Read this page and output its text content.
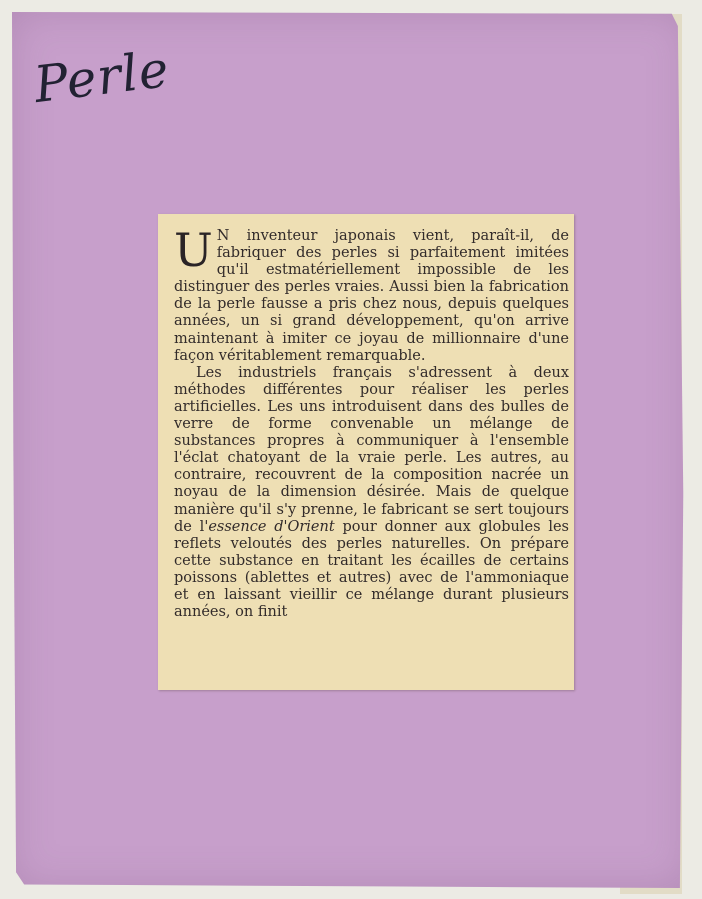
Perle

U N inventeur japonais vient, paraît-il, de fabriquer des perles si parfaitement imitées qu'il estmatériellement impossible de les distinguer des perles vraies. Aussi bien la fabrication de la perle fausse a pris chez nous, depuis quelques années, un si grand développement, qu'on arrive maintenant à imiter ce joyau de millionnaire d'une façon véritablement remarquable.

Les industriels français s'adressent à deux méthodes différentes pour réaliser les perles artificielles. Les uns introduisent dans des bulles de verre de forme convenable un mélange de substances propres à communiquer à l'ensemble l'éclat chatoyant de la vraie perle. Les autres, au contraire, recouvrent de la composition nacrée un noyau de la dimension désirée. Mais de quelque manière qu'il s'y prenne, le fabricant se sert toujours de l'essence d'Orient pour donner aux globules les reflets veloutés des perles naturelles. On prépare cette substance en traitant les écailles de certains poissons (ablettes et autres) avec de l'ammoniaque et en laissant vieillir ce mélange durant plusieurs années, on finit
